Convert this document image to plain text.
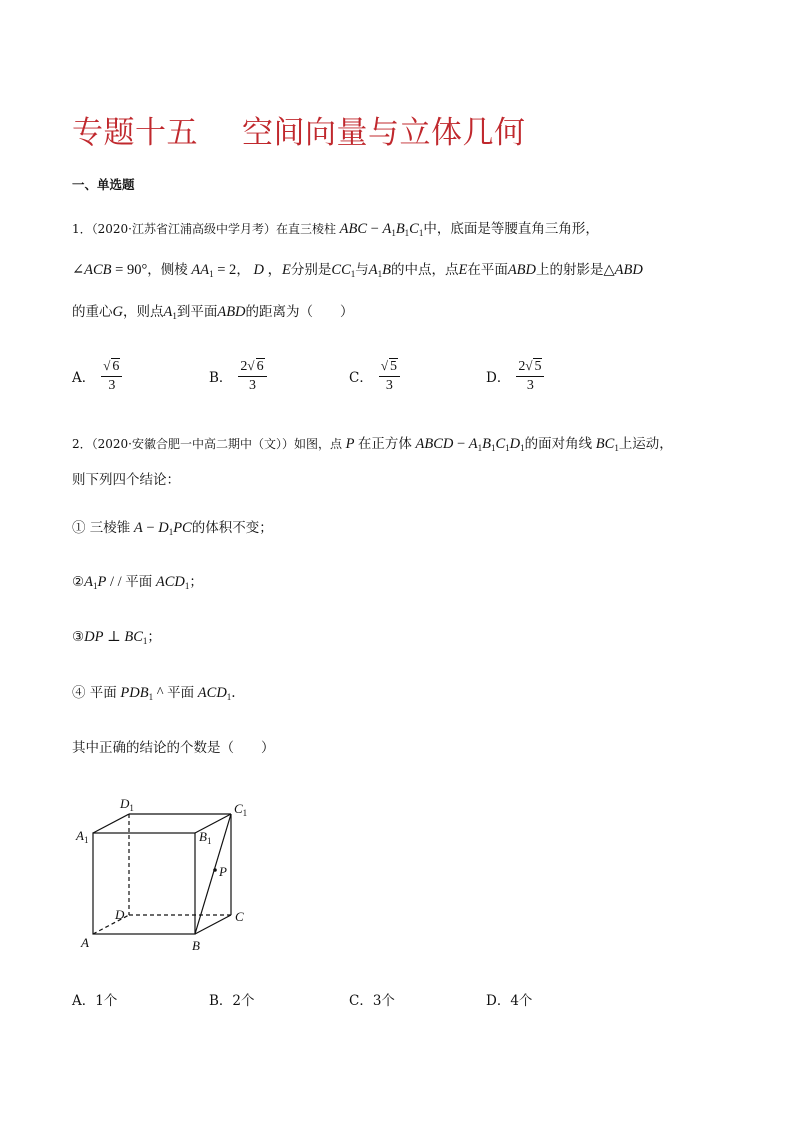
专题十五 空间向量与立体几何
一、单选题
1．（2020·江苏省江浦高级中学月考）在直三棱柱 ABC − $A_1B_1C_1$中，底面是等腰直角三角形，
∠ACB = 90°，侧棱 $AA_1 = 2$， D ，E分别是$CC_1$与$A_1B$的中点，点E在平面ABD上的射影是△ABD
的重心G，则点$A_1$到平面ABD的距离为（　　）
A． $\frac{√ 6}{3}$	B． $\frac{2√ 6}{3}$	C． $\frac{√ 5}{3}$	D． $\frac{2√ 5}{3}$
2．（2020·安徽合肥一中高二期中（文））如图，点 P 在正方体 ABCD − $A_1B_1C_1D_1$的面对角线 $BC_1$上运动，
则下列四个结论：
① 三棱锥 $A - D_1PC$的体积不变；
$②A_1P$ / / 平面 $ACD_1$；
③DP ⊥ $BC_1$；
④ 平面 $PDB_1$ ^ 平面 $ACD_1$.
其中正确的结论的个数是（　　）
$D_1$	$C_1$
$A_1$	$B_1$
P
D	C
A	B
A． 1个	B． 2个	C． 3个	D． 4个
